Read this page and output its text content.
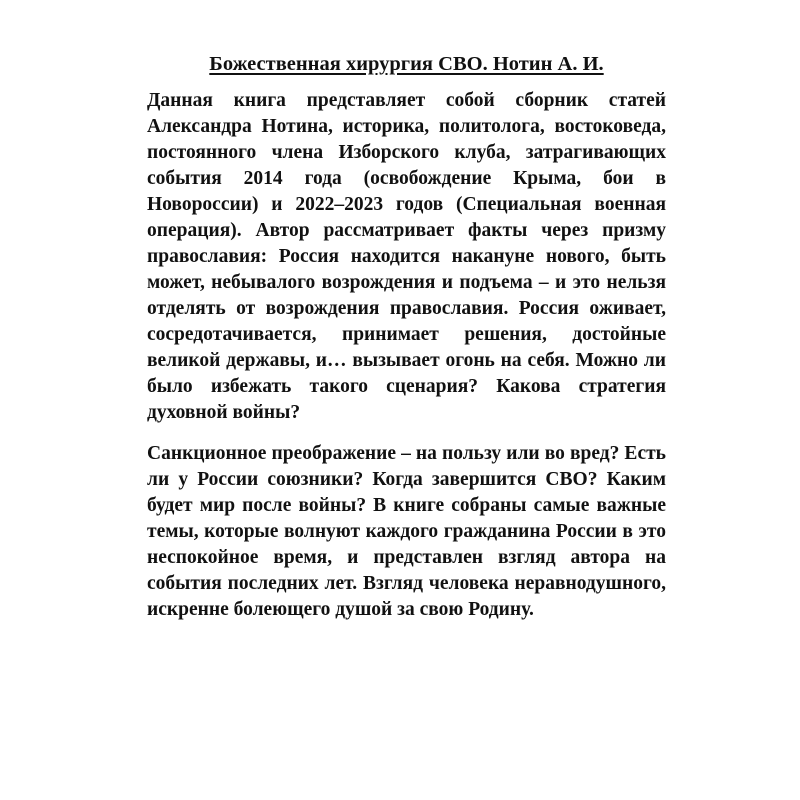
Божественная хирургия СВО. Нотин А. И.

Данная книга представляет собой сборник статей Александра Нотина, историка, политолога, востоковеда, постоянного члена Изборского клуба, затрагивающих события 2014 года (освобождение Крыма, бои в Новороссии) и 2022–2023 годов (Специальная военная операция). Автор рассматривает факты через призму православия: Россия находится накануне нового, быть может, небывалого возрождения и подъема – и это нельзя отделять от возрождения православия. Россия оживает, сосредотачивается, принимает решения, достойные великой державы, и… вызывает огонь на себя. Можно ли было избежать такого сценария? Какова стратегия духовной войны?

Санкционное преображение – на пользу или во вред? Есть ли у России союзники? Когда завершится СВО? Каким будет мир после войны? В книге собраны самые важные темы, которые волнуют каждого гражданина России в это неспокойное время, и представлен взгляд автора на события последних лет. Взгляд человека неравнодушного, искренне болеющего душой за свою Родину.
